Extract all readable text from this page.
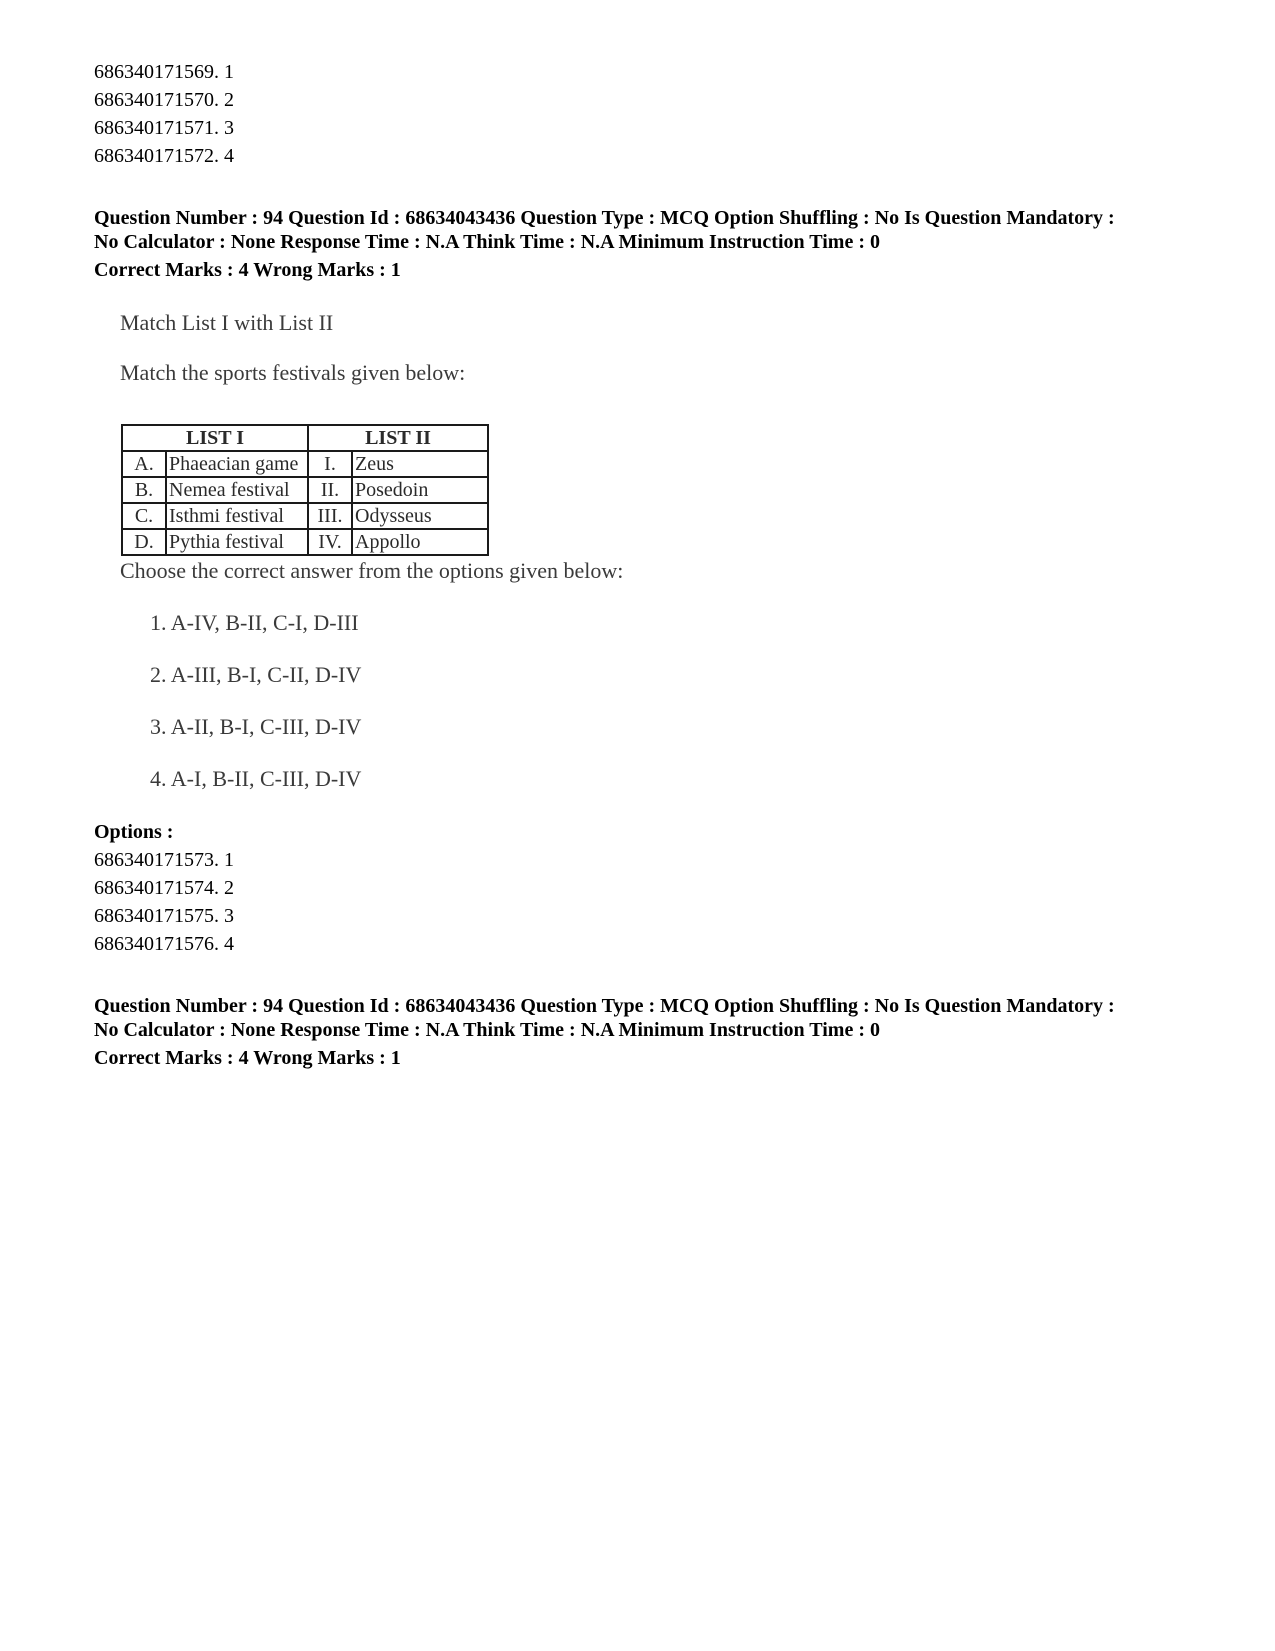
686340171569. 1
686340171570. 2
686340171571. 3
686340171572. 4
Question Number : 94 Question Id : 68634043436 Question Type : MCQ Option Shuffling : No Is Question Mandatory :
No Calculator : None Response Time : N.A Think Time : N.A Minimum Instruction Time : 0
Correct Marks : 4 Wrong Marks : 1
Match List I with List II
Match the sports festivals given below:
LIST I		LIST II	
A.	Phaeacian game	I.	Zeus
B.	Nemea festival	II.	Posedoin
C.	Isthmi festival	III.	Odysseus
D.	Pythia festival	IV.	Appollo
Choose the correct answer from the options given below:
1. A-IV, B-II, C-I, D-III
2. A-III, B-I, C-II, D-IV
3. A-II, B-I, C-III, D-IV
4. A-I, B-II, C-III, D-IV
Options :
686340171573. 1
686340171574. 2
686340171575. 3
686340171576. 4
Question Number : 94 Question Id : 68634043436 Question Type : MCQ Option Shuffling : No Is Question Mandatory :
No Calculator : None Response Time : N.A Think Time : N.A Minimum Instruction Time : 0
Correct Marks : 4 Wrong Marks : 1
